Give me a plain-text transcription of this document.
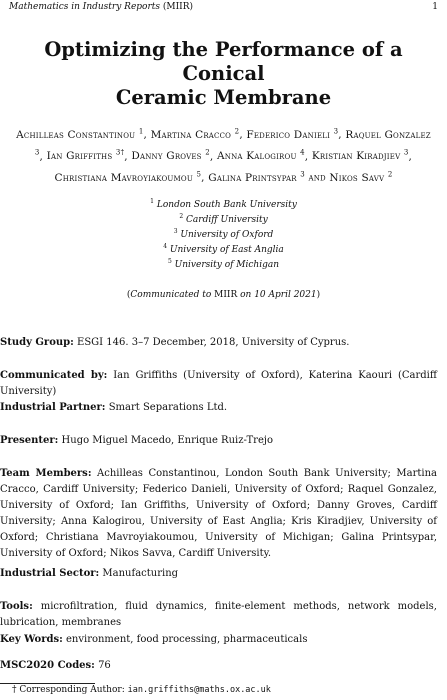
Mathematics in Industry Reports (MIIR)	1
Optimizing the Performance of a Conical
Ceramic Membrane
Achilleas Constantinou $^1$, Martina Cracco $^2$, Federico Danieli $^3$, Raquel Gonzalez $^3$, Ian Griffiths $^{3\dagger}$, Danny Groves $^2$, Anna Kalogirou $^4$, Kristian Kiradjiev $^3$, Christiana Mavroyiakoumou $^5$, Galina Printsypar $^3$ and Nikos Savv $^2$
$^1$ London South Bank University
$^2$ Cardiff University
$^3$ University of Oxford
$^4$ University of East Anglia
$^5$ University of Michigan
(Communicated to MIIR on 10 April 2021)
Study Group: ESGI 146. 3–7 December, 2018, University of Cyprus.
Communicated by: Ian Griffiths (University of Oxford), Katerina Kaouri (Cardiff University)
Industrial Partner: Smart Separations Ltd.
Presenter: Hugo Miguel Macedo, Enrique Ruiz-Trejo
Team Members: Achilleas Constantinou, London South Bank University; Martina Cracco, Cardiff University; Federico Danieli, University of Oxford; Raquel Gonzalez, University of Oxford; Ian Griffiths, University of Oxford; Danny Groves, Cardiff University; Anna Kalogirou, University of East Anglia; Kris Kiradjiev, University of Oxford; Christiana Mavroyiakoumou, University of Michigan; Galina Printsypar, University of Oxford; Nikos Savva, Cardiff University.
Industrial Sector: Manufacturing
Tools: microfiltration, fluid dynamics, finite-element methods, network models, lubrication, membranes
Key Words: environment, food processing, pharmaceuticals
MSC2020 Codes: 76
† Corresponding Author: ian.griffiths@maths.ox.ac.uk
